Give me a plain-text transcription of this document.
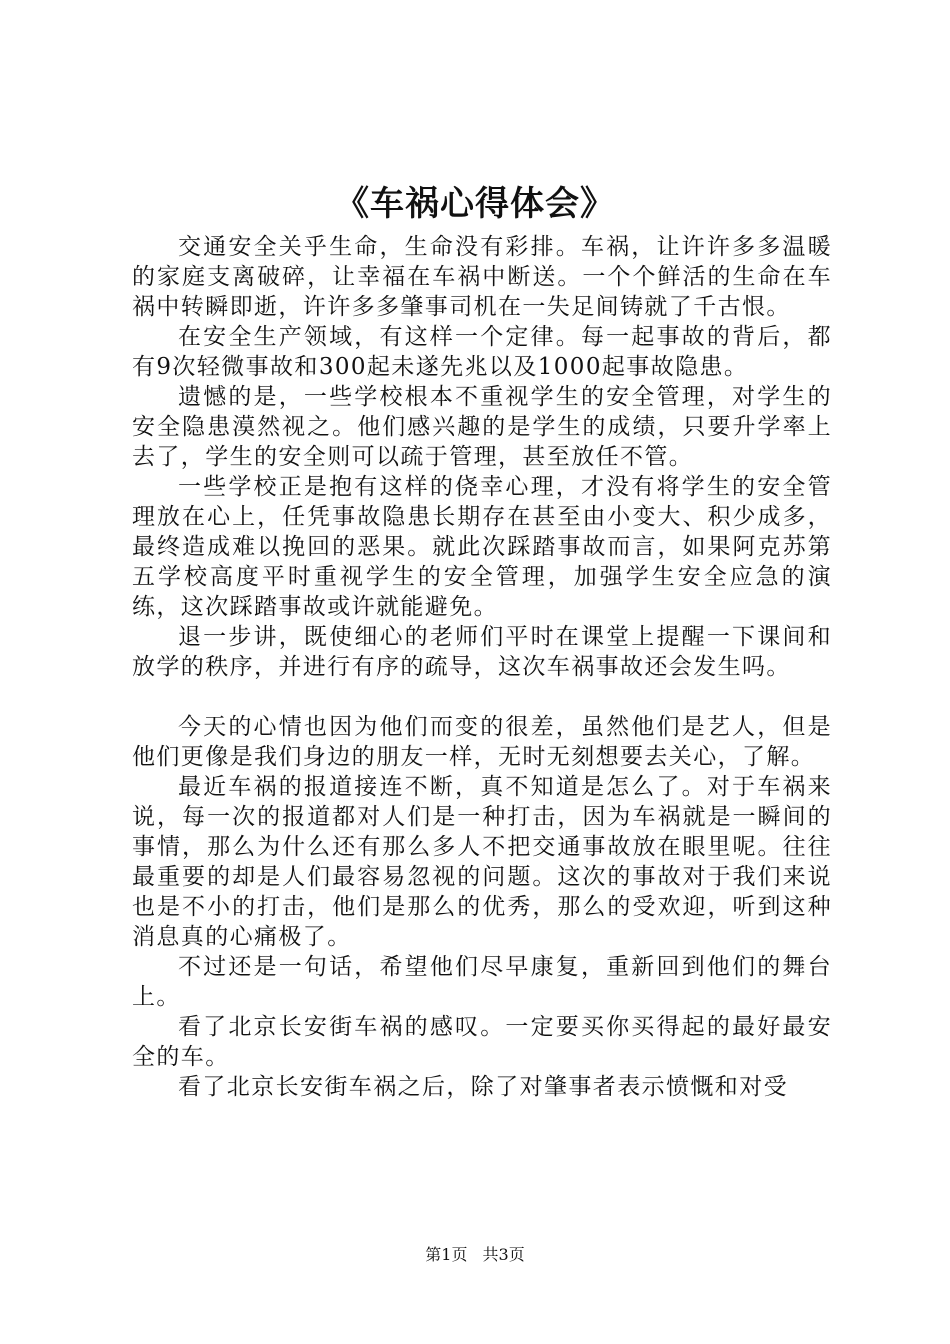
《车祸心得体会》

交通安全关乎生命，生命没有彩排。车祸，让许许多多温暖的家庭支离破碎，让幸福在车祸中断送。一个个鲜活的生命在车祸中转瞬即逝，许许多多肇事司机在一失足间铸就了千古恨。

在安全生产领域，有这样一个定律。每一起事故的背后，都有9次轻微事故和300起未遂先兆以及1000起事故隐患。

遗憾的是，一些学校根本不重视学生的安全管理，对学生的安全隐患漠然视之。他们感兴趣的是学生的成绩，只要升学率上去了，学生的安全则可以疏于管理，甚至放任不管。

一些学校正是抱有这样的侥幸心理，才没有将学生的安全管理放在心上，任凭事故隐患长期存在甚至由小变大、积少成多，最终造成难以挽回的恶果。就此次踩踏事故而言，如果阿克苏第五学校高度平时重视学生的安全管理，加强学生安全应急的演练，这次踩踏事故或许就能避免。

退一步讲，既使细心的老师们平时在课堂上提醒一下课间和放学的秩序，并进行有序的疏导，这次车祸事故还会发生吗。

今天的心情也因为他们而变的很差，虽然他们是艺人，但是他们更像是我们身边的朋友一样，无时无刻想要去关心，了解。

最近车祸的报道接连不断，真不知道是怎么了。对于车祸来说，每一次的报道都对人们是一种打击，因为车祸就是一瞬间的事情，那么为什么还有那么多人不把交通事故放在眼里呢。往往最重要的却是人们最容易忽视的问题。这次的事故对于我们来说也是不小的打击，他们是那么的优秀，那么的受欢迎，听到这种消息真的心痛极了。

不过还是一句话，希望他们尽早康复，重新回到他们的舞台上。

看了北京长安街车祸的感叹。一定要买你买得起的最好最安全的车。

看了北京长安街车祸之后，除了对肇事者表示愤慨和对受

第1页 共3页
